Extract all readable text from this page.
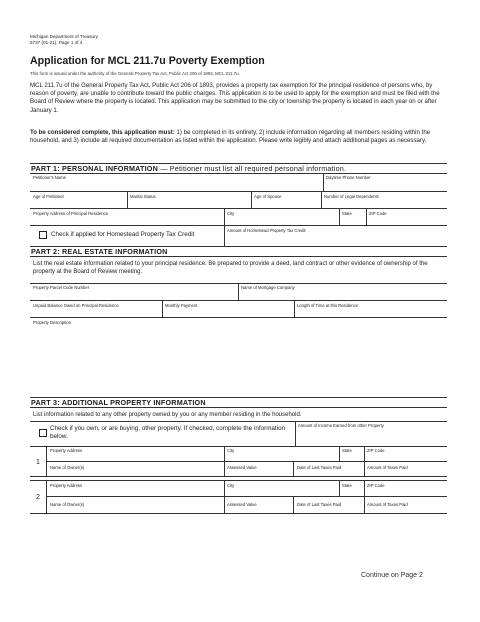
Michigan Department of Treasury
5737 (01-21), Page 1 of 4
Application for MCL 211.7u Poverty Exemption
This form is issued under the authority of the General Property Tax Act, Public Act 206 of 1893, MCL 211.7u.
MCL 211.7u of the General Property Tax Act, Public Act 206 of 1893, provides a property tax exemption for the principal residence of persons who, by reason of poverty, are unable to contribute toward the public charges. This application is to be used to apply for the exemption and must be filed with the Board of Review where the property is located. This application may be submitted to the city or township the property is located in each year on or after January 1.
To be considered complete, this application must: 1) be completed in its entirety, 2) include information regarding all members residing within the household, and 3) include all required documentation as listed within the application. Please write legibly and attach additional pages as necessary.
PART 1: PERSONAL INFORMATION — Petitioner must list all required personal information.
Petitioner's Name	Daytime Phone Number
Age of Petitioner	Marital Status	Age of Spouse	Number of Legal Dependents
Property Address of Principal Residence	City	State	ZIP Code
Check if applied for Homestead Property Tax Credit
Amount of Homestead Property Tax Credit
PART 2: REAL ESTATE INFORMATION
List the real estate information related to your principal residence. Be prepared to provide a deed, land contract or other evidence of ownership of the property at the Board of Review meeting.
Property Parcel Code Number	Name of Mortgage Company
Unpaid Balance Owed on Principal Residence	Monthly Payment	Length of Time at this Residence
Property Description
PART 3: ADDITIONAL PROPERTY INFORMATION
List information related to any other property owned by you or any member residing in the household.
Check if you own, or are buying, other property. If checked, complete the information below.
Amount of Income Earned from other Property
1
Property Address	City	State	ZIP Code
Name of Owner(s)	Assessed Value	Date of Last Taxes Paid	Amount of Taxes Paid
2
Property Address	City	State	ZIP Code
Name of Owner(s)	Assessed Value	Date of Last Taxes Paid	Amount of Taxes Paid
Continue on Page 2
